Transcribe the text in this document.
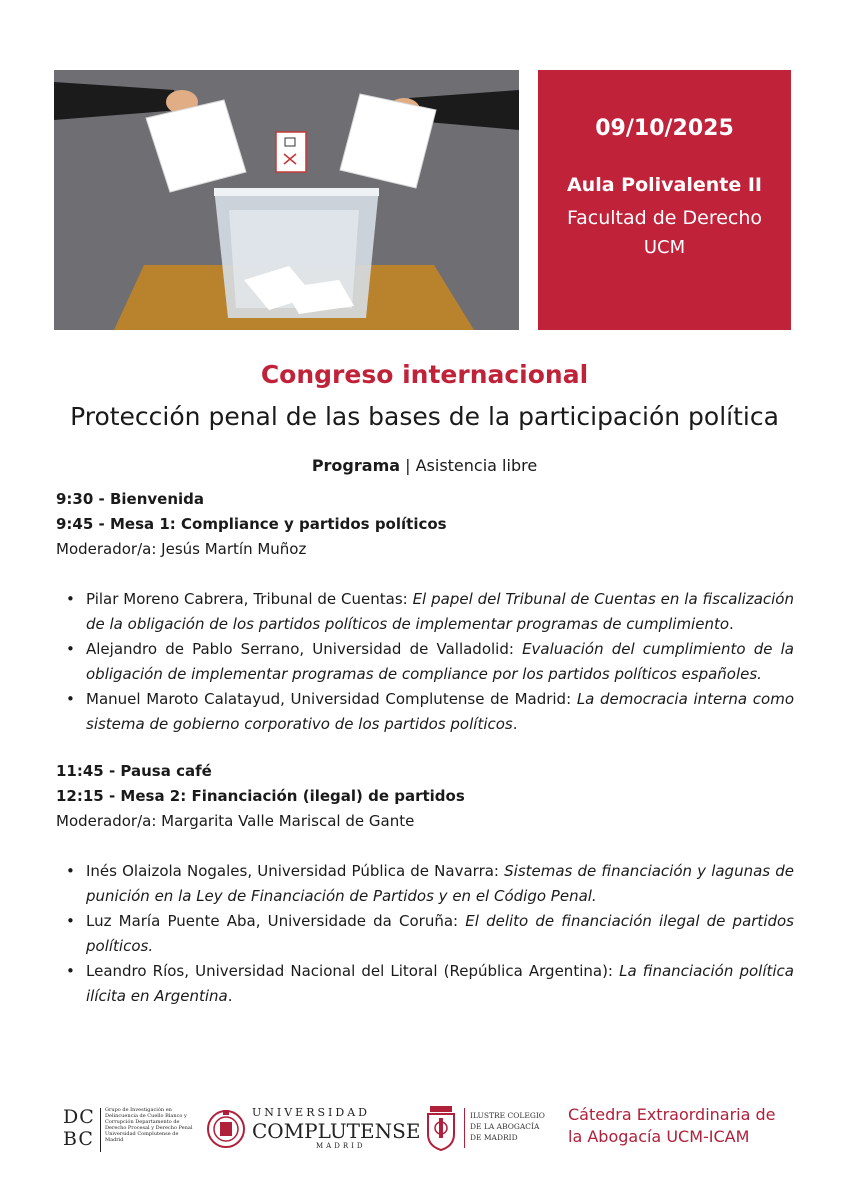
09/10/2025
Aula Polivalente II
Facultad de Derecho
UCM
Congreso internacional
Protección penal de las bases de la participación política
Programa | Asistencia libre
9:30 - Bienvenida
9:45 - Mesa 1: Compliance y partidos políticos
Moderador/a: Jesús Martín Muñoz
• Pilar Moreno Cabrera, Tribunal de Cuentas: El papel del Tribunal de Cuentas en la fiscalización de la obligación de los partidos políticos de implementar programas de cumplimiento.
• Alejandro de Pablo Serrano, Universidad de Valladolid: Evaluación del cumplimiento de la obligación de implementar programas de compliance por los partidos políticos españoles.
• Manuel Maroto Calatayud, Universidad Complutense de Madrid: La democracia interna como sistema de gobierno corporativo de los partidos políticos.
11:45 - Pausa café
12:15 - Mesa 2: Financiación (ilegal) de partidos
Moderador/a: Margarita Valle Mariscal de Gante
• Inés Olaizola Nogales, Universidad Pública de Navarra: Sistemas de financiación y lagunas de punición en la Ley de Financiación de Partidos y en el Código Penal.
• Luz María Puente Aba, Universidade da Coruña: El delito de financiación ilegal de partidos políticos.
• Leandro Ríos, Universidad Nacional del Litoral (República Argentina): La financiación política ilícita en Argentina.
DC BC
Grupo de Investigación en Delincuencia de Cuello Blanco y Corrupción Departamento de Derecho Procesal y Derecho Penal Universidad Complutense de Madrid
UNIVERSIDAD
COMPLUTENSE
MADRID
ILUSTRE COLEGIO
DE LA ABOGACÍA
DE MADRID
Cátedra Extraordinaria de
la Abogacía UCM-ICAM
